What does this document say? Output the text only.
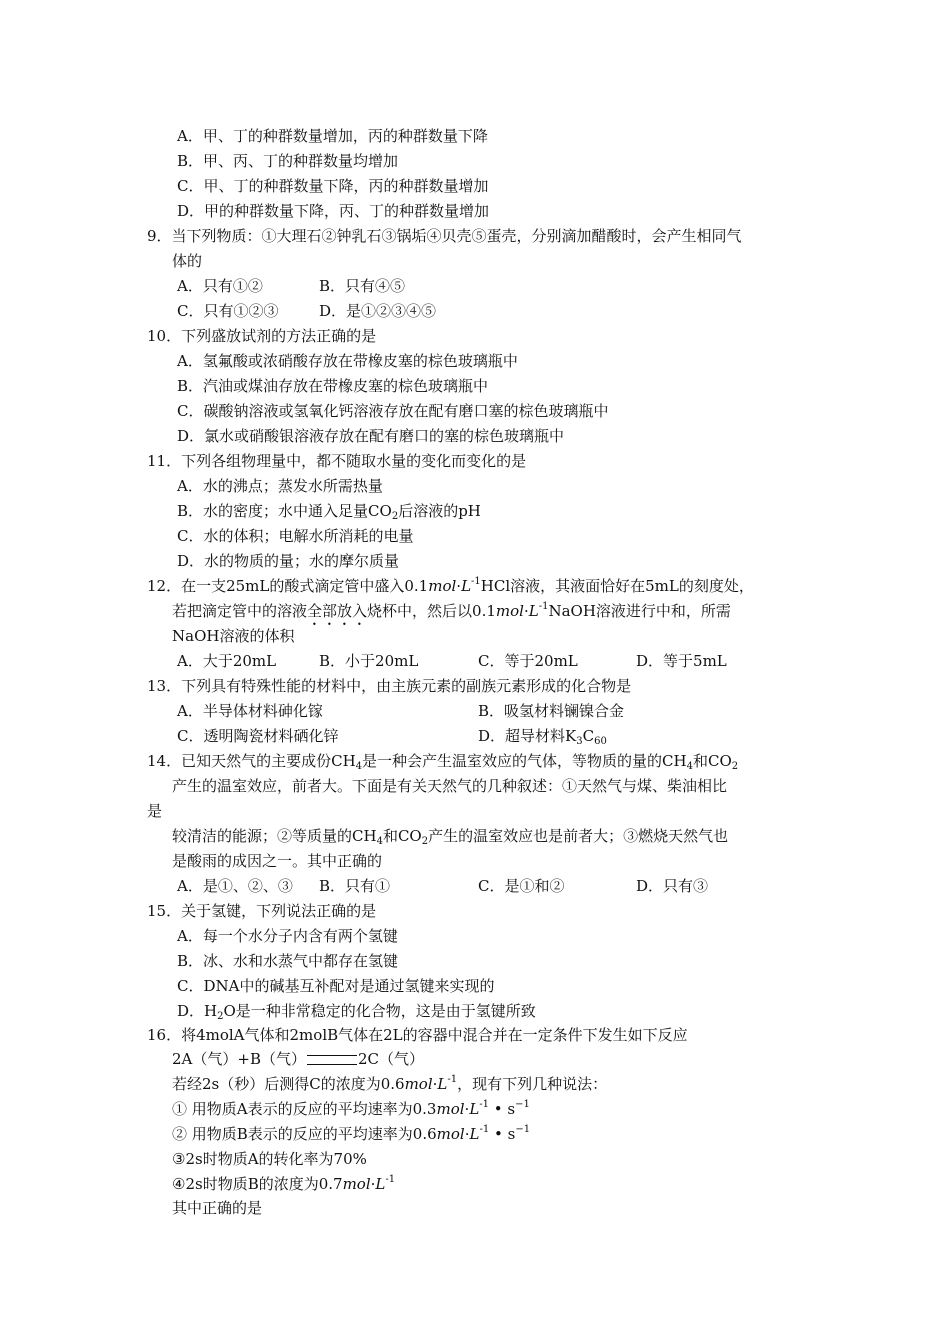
A．甲、丁的种群数量增加，丙的种群数量下降
B．甲、丙、丁的种群数量均增加
C．甲、丁的种群数量下降，丙的种群数量增加
D．甲的种群数量下降，丙、丁的种群数量增加
9．当下列物质：①大理石②钟乳石③锅垢④贝壳⑤蛋壳，分别滴加醋酸时，会产生相同气
体的
A．只有①②	B．只有④⑤
C．只有①②③	D．是①②③④⑤
10．下列盛放试剂的方法正确的是
A．氢氟酸或浓硝酸存放在带橡皮塞的棕色玻璃瓶中
B．汽油或煤油存放在带橡皮塞的棕色玻璃瓶中
C．碳酸钠溶液或氢氧化钙溶液存放在配有磨口塞的棕色玻璃瓶中
D．氯水或硝酸银溶液存放在配有磨口的塞的棕色玻璃瓶中
11．下列各组物理量中，都不随取水量的变化而变化的是
A．水的沸点；蒸发水所需热量
B．水的密度；水中通入足量$CO_2$后溶液的pH
C．水的体积；电解水所消耗的电量
D．水的物质的量；水的摩尔质量
12．在一支25mL的酸式滴定管中盛入$0.1mol\cdot L^{-1}HCl$溶液，其液面恰好在5mL的刻度处，
若把滴定管中的溶液全部放入烧杯中，然后以$0.1mol\cdot L^{-1}NaOH$溶液进行中和，所需
NaOH溶液的体积
A．大于20mL	B．小于20mL	C．等于20mL	D．等于5mL
13．下列具有特殊性能的材料中，由主族元素的副族元素形成的化合物是
A．半导体材料砷化镓	B．吸氢材料镧镍合金
C．透明陶瓷材料硒化锌	D．超导材料$K_3C_{60}$
14．已知天然气的主要成份$CH_4$是一种会产生温室效应的气体，等物质的量的$CH_4$和$CO_2$
产生的温室效应，前者大。下面是有关天然气的几种叙述：①天然气与煤、柴油相比
是
较清洁的能源；②等质量的$CH_4$和$CO_2$产生的温室效应也是前者大；③燃烧天然气也
是酸雨的成因之一。其中正确的
A．是①、②、③ B．只有①	C．是①和②	D．只有③
15．关于氢键，下列说法正确的是
A．每一个水分子内含有两个氢键
B．冰、水和水蒸气中都存在氢键
C．DNA中的碱基互补配对是通过氢键来实现的
D．$H_2O$是一种非常稳定的化合物，这是由于氢键所致
16．将4molA气体和2molB气体在2L的容器中混合并在一定条件下发生如下反应
2A（气）+B（气）	2C（气）
若经2s（秒）后测得C的浓度为$0.6mol\cdot L^{-1}$，现有下列几种说法：
① 用物质A表示的反应的平均速率为$0.3mol\cdot L^{-1}$ • $s^{-1}$
② 用物质B表示的反应的平均速率为$0.6mol\cdot L^{-1}$ • $s^{-1}$
③2s时物质A的转化率为70%
④2s时物质B的浓度为$0.7mol\cdot L^{-1}$
其中正确的是
